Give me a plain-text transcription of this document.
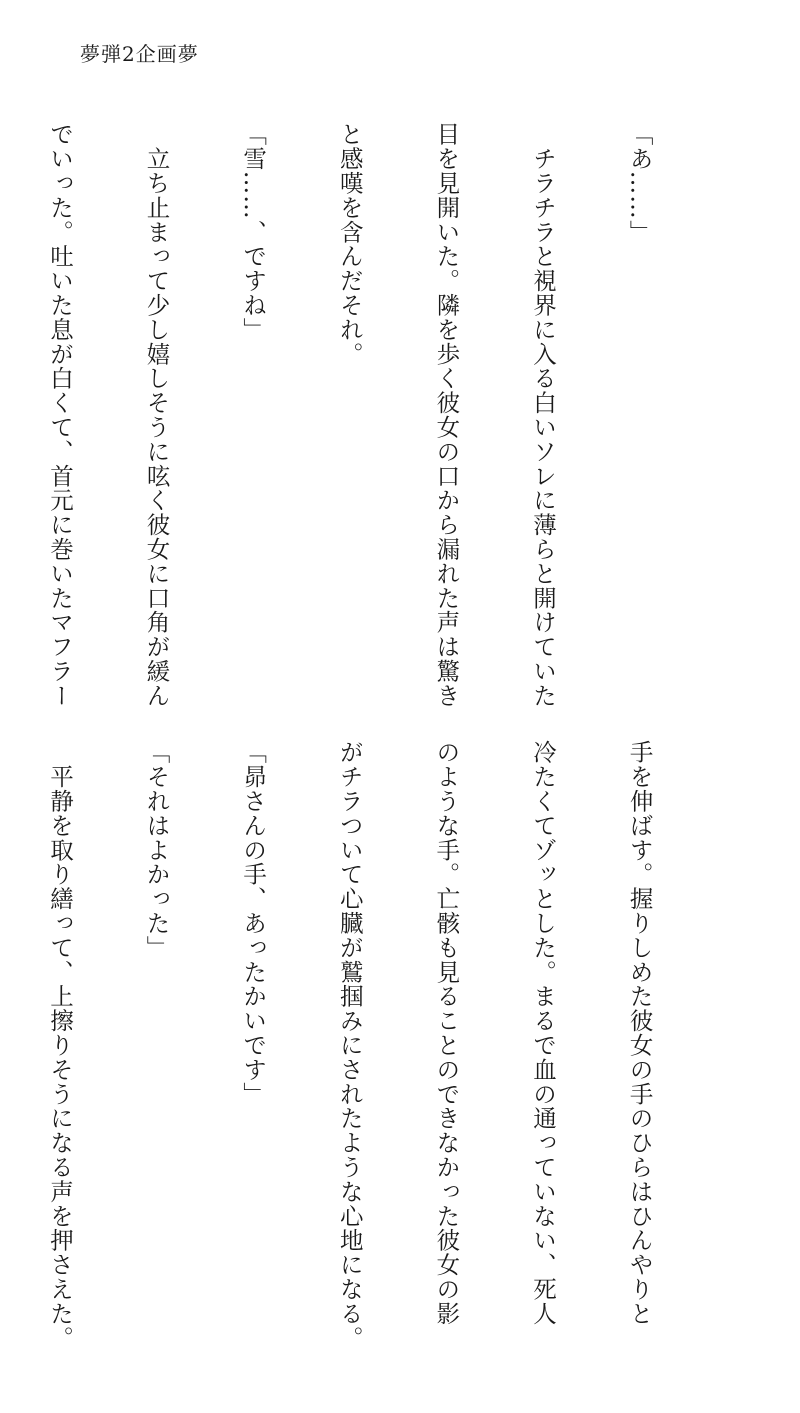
夢弾2企画夢

「あ……」

　チラチラと視界に入る白いソレに薄らと開けていた

目を見開いた。隣を歩く彼女の口から漏れた声は驚き

と感嘆を含んだそれ。

「雪……、ですね」

　立ち止まって少し嬉しそうに呟く彼女に口角が緩ん

でいった。吐いた息が白くて、首元に巻いたマフラー

手を伸ばす。握りしめた彼女の手のひらはひんやりと

冷たくてゾッとした。まるで血の通っていない、死人

のような手。亡骸も見ることのできなかった彼女の影

がチラついて心臓が鷲掴みにされたような心地になる。

「昴さんの手、あったかいです」

「それはよかった」

　平静を取り繕って、上擦りそうになる声を押さえた。
